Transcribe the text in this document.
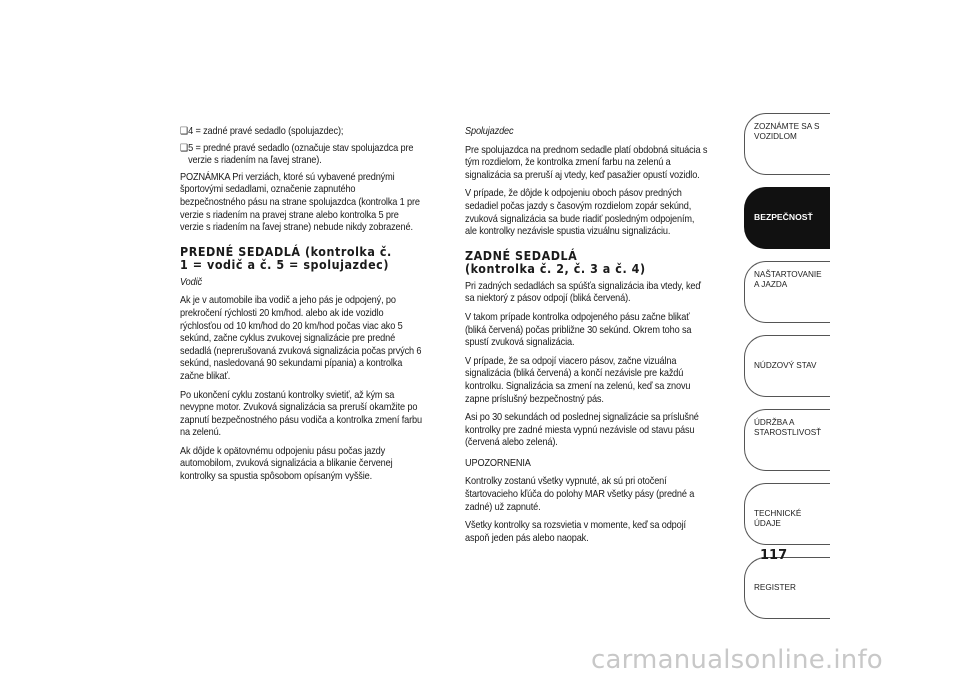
❑ 4 = zadné pravé sedadlo (spolujazdec);
❑ 5 = predné pravé sedadlo (označuje stav spolujazdca pre verzie s riadením na ľavej strane).

POZNÁMKA Pri verziách, ktoré sú vybavené prednými športovými sedadlami, označenie zapnutého bezpečnostného pásu na strane spolujazdca (kontrolka 1 pre verzie s riadením na pravej strane alebo kontrolka 5 pre verzie s riadením na ľavej strane) nebude nikdy zobrazené.

PREDNÉ SEDADLÁ (kontrolka č.
1 = vodič a č. 5 = spolujazdec)

Vodič

Ak je v automobile iba vodič a jeho pás je odpojený, po prekročení rýchlosti 20 km/hod. alebo ak ide vozidlo rýchlosťou od 10 km/hod do 20 km/hod počas viac ako 5 sekúnd, začne cyklus zvukovej signalizácie pre predné sedadlá (neprerušovaná zvuková signalizácia počas prvých 6 sekúnd, nasledovaná 90 sekundami pípania) a kontrolka začne blikať.

Po ukončení cyklu zostanú kontrolky svietiť, až kým sa nevypne motor. Zvuková signalizácia sa preruší okamžite po zapnutí bezpečnostného pásu vodiča a kontrolka zmení farbu na zelenú.

Ak dôjde k opätovnému odpojeniu pásu počas jazdy automobilom, zvuková signalizácia a blikanie červenej kontrolky sa spustia spôsobom opísaným vyššie.

Spolujazdec

Pre spolujazdca na prednom sedadle platí obdobná situácia s tým rozdielom, že kontrolka zmení farbu na zelenú a signalizácia sa preruší aj vtedy, keď pasažier opustí vozidlo.

V prípade, že dôjde k odpojeniu oboch pásov predných sedadiel počas jazdy s časovým rozdielom zopár sekúnd, zvuková signalizácia sa bude riadiť posledným odpojením, ale kontrolky nezávisle spustia vizuálnu signalizáciu.

ZADNÉ SEDADLÁ
(kontrolka č. 2, č. 3 a č. 4)

Pri zadných sedadlách sa spúšťa signalizácia iba vtedy, keď sa niektorý z pásov odpojí (bliká červená).

V takom prípade kontrolka odpojeného pásu začne blikať (bliká červená) počas približne 30 sekúnd. Okrem toho sa spustí zvuková signalizácia.

V prípade, že sa odpojí viacero pásov, začne vizuálna signalizácia (bliká červená) a končí nezávisle pre každú kontrolku. Signalizácia sa zmení na zelenú, keď sa znovu zapne príslušný bezpečnostný pás.

Asi po 30 sekundách od poslednej signalizácie sa príslušné kontrolky pre zadné miesta vypnú nezávisle od stavu pásu (červená alebo zelená).

UPOZORNENIA

Kontrolky zostanú všetky vypnuté, ak sú pri otočení štartovacieho kľúča do polohy MAR všetky pásy (predné a zadné) už zapnuté.

Všetky kontrolky sa rozsvietia v momente, keď sa odpojí aspoň jeden pás alebo naopak.

ZOZNÁMTE SA S VOZIDLOM
BEZPEČNOSŤ
NAŠTARTOVANIE A JAZDA
NÚDZOVÝ STAV
ÚDRŽBA A STAROSTLIVOSŤ
TECHNICKÉ ÚDAJE
REGISTER
117
carmanualsonline.info
